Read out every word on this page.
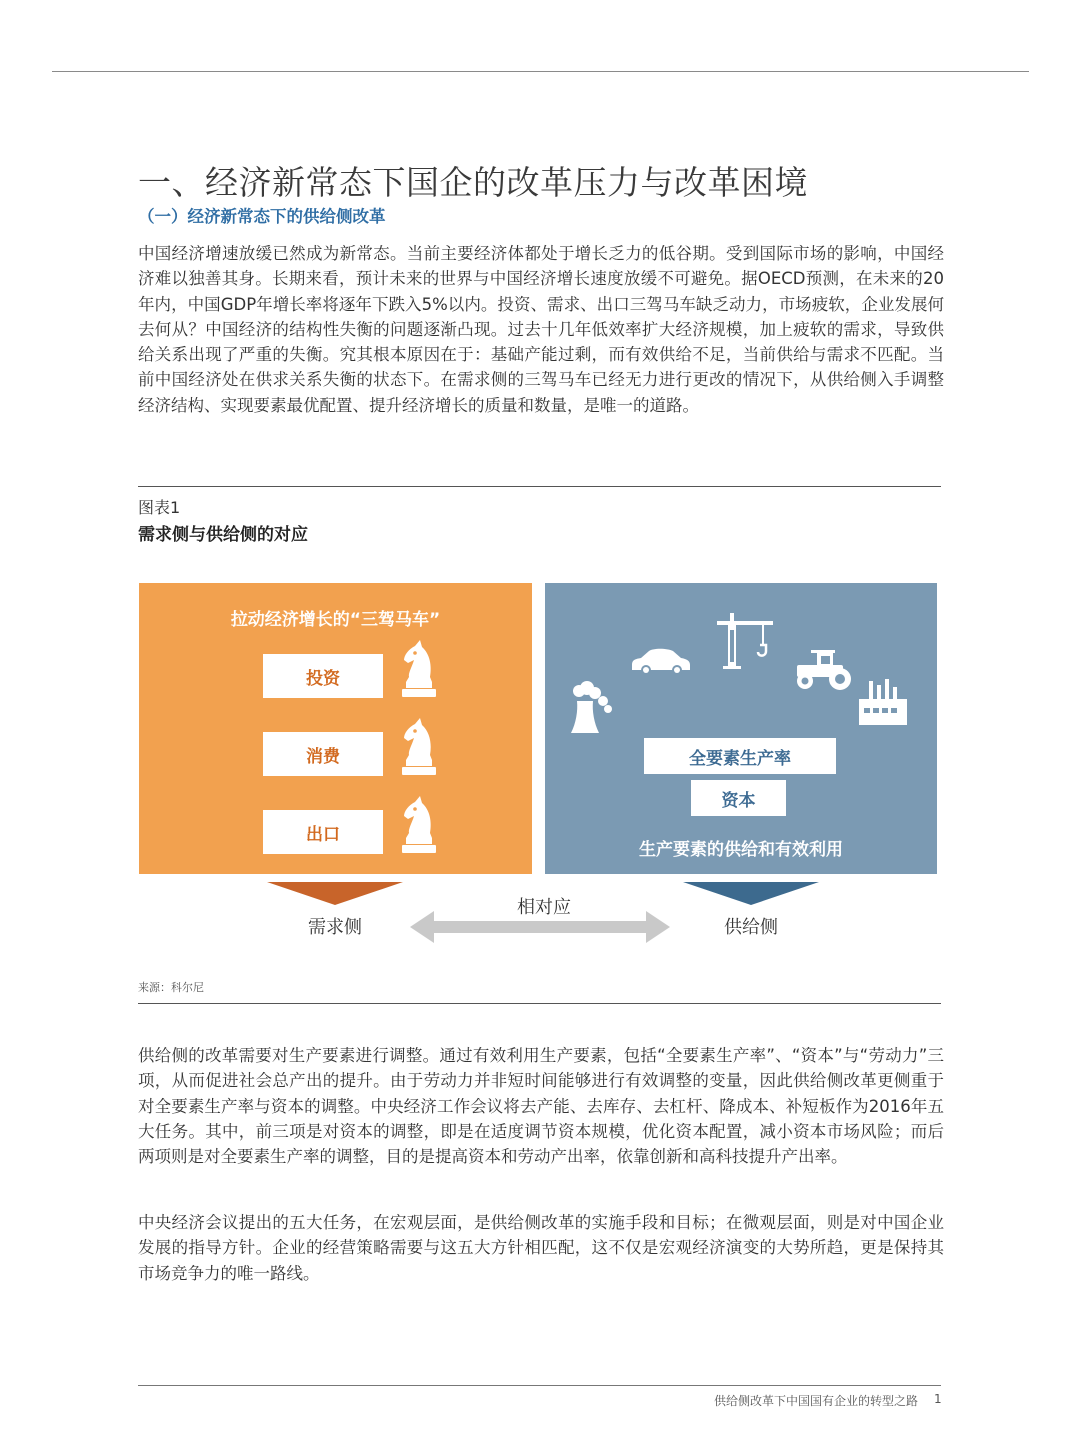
一、经济新常态下国企的改革压力与改革困境
（一）经济新常态下的供给侧改革

中国经济增速放缓已然成为新常态。当前主要经济体都处于增长乏力的低谷期。受到国际市场的影响，中国经济难以独善其身。长期来看，预计未来的世界与中国经济增长速度放缓不可避免。据OECD预测，在未来的20年内，中国GDP年增长率将逐年下跌入5%以内。投资、需求、出口三驾马车缺乏动力，市场疲软，企业发展何去何从？中国经济的结构性失衡的问题逐渐凸现。过去十几年低效率扩大经济规模，加上疲软的需求，导致供给关系出现了严重的失衡。究其根本原因在于：基础产能过剩，而有效供给不足，当前供给与需求不匹配。当前中国经济处在供求关系失衡的状态下。在需求侧的三驾马车已经无力进行更改的情况下，从供给侧入手调整经济结构、实现要素最优配置、提升经济增长的质量和数量，是唯一的道路。

图表1
需求侧与供给侧的对应
拉动经济增长的“三驾马车”
投资
消费
出口
全要素生产率
资本
生产要素的供给和有效利用
需求侧	供给侧
相对应
来源：科尔尼

供给侧的改革需要对生产要素进行调整。通过有效利用生产要素，包括“全要素生产率”、“资本”与“劳动力”三项，从而促进社会总产出的提升。由于劳动力并非短时间能够进行有效调整的变量，因此供给侧改革更侧重于对全要素生产率与资本的调整。中央经济工作会议将去产能、去库存、去杠杆、降成本、补短板作为2016年五大任务。其中，前三项是对资本的调整，即是在适度调节资本规模，优化资本配置，减小资本市场风险；而后两项则是对全要素生产率的调整，目的是提高资本和劳动产出率，依靠创新和高科技提升产出率。

中央经济会议提出的五大任务，在宏观层面，是供给侧改革的实施手段和目标；在微观层面，则是对中国企业发展的指导方针。企业的经营策略需要与这五大方针相匹配，这不仅是宏观经济演变的大势所趋，更是保持其市场竞争力的唯一路线。

供给侧改革下中国国有企业的转型之路 1
